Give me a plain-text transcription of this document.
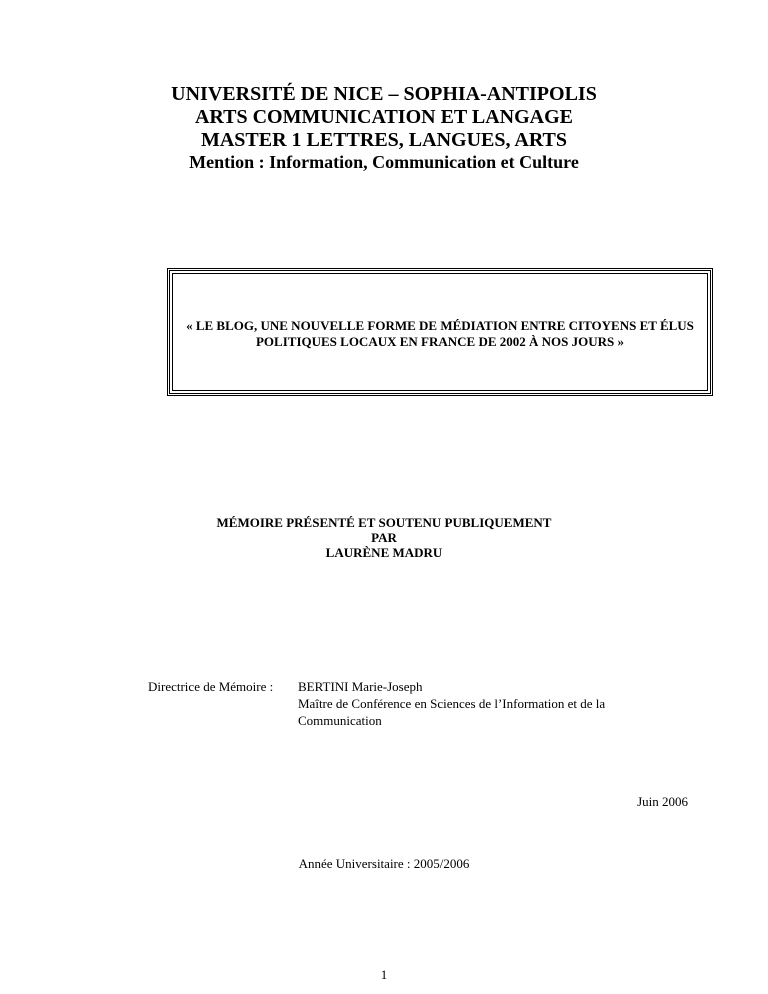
UNIVERSITÉ DE NICE – SOPHIA-ANTIPOLIS
ARTS COMMUNICATION ET LANGAGE
MASTER 1 LETTRES, LANGUES, ARTS
Mention : Information, Communication et Culture
« LE BLOG, UNE NOUVELLE FORME DE MÉDIATION ENTRE CITOYENS ET ÉLUS POLITIQUES LOCAUX EN FRANCE DE 2002 À NOS JOURS »
MÉMOIRE PRÉSENTÉ ET SOUTENU PUBLIQUEMENT
PAR
LAURÈNE MADRU
Directrice de Mémoire : BERTINI Marie-Joseph
Maître de Conférence en Sciences de l’Information et de la
Communication
Juin 2006
Année Universitaire : 2005/2006
1
